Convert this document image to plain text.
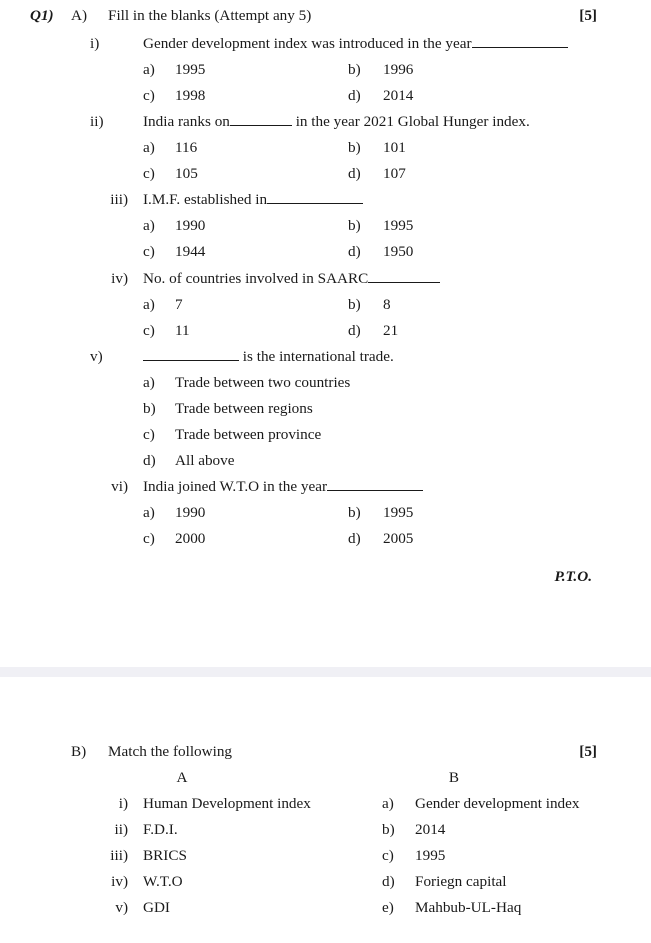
Q1) A) Fill in the blanks (Attempt any 5)	[5]
i)	Gender development index was introduced in the year
a) 1995	b) 1996
c) 1998	d) 2014
ii)	India ranks on	in the year 2021 Global Hunger index.
a) 116	b) 101
c) 105	d) 107
iii) I.M.F. established in
a) 1990	b) 1995
c) 1944	d) 1950
iv) No. of countries involved in SAARC
a) 7	b) 8
c) 11	d) 21
v)	is the international trade.
a) Trade between two countries
b) Trade between regions
c) Trade between province
d) All above
vi) India joined W.T.O in the year
a) 1990	b) 1995
c) 2000	d) 2005
P.T.O.
B) Match the following	[5]
A	B
i) Human Development index	a) Gender development index
ii) F.D.I.	b) 2014
iii) BRICS	c) 1995
iv) W.T.O	d) Foriegn capital
v) GDI	e) Mahbub-UL-Haq
